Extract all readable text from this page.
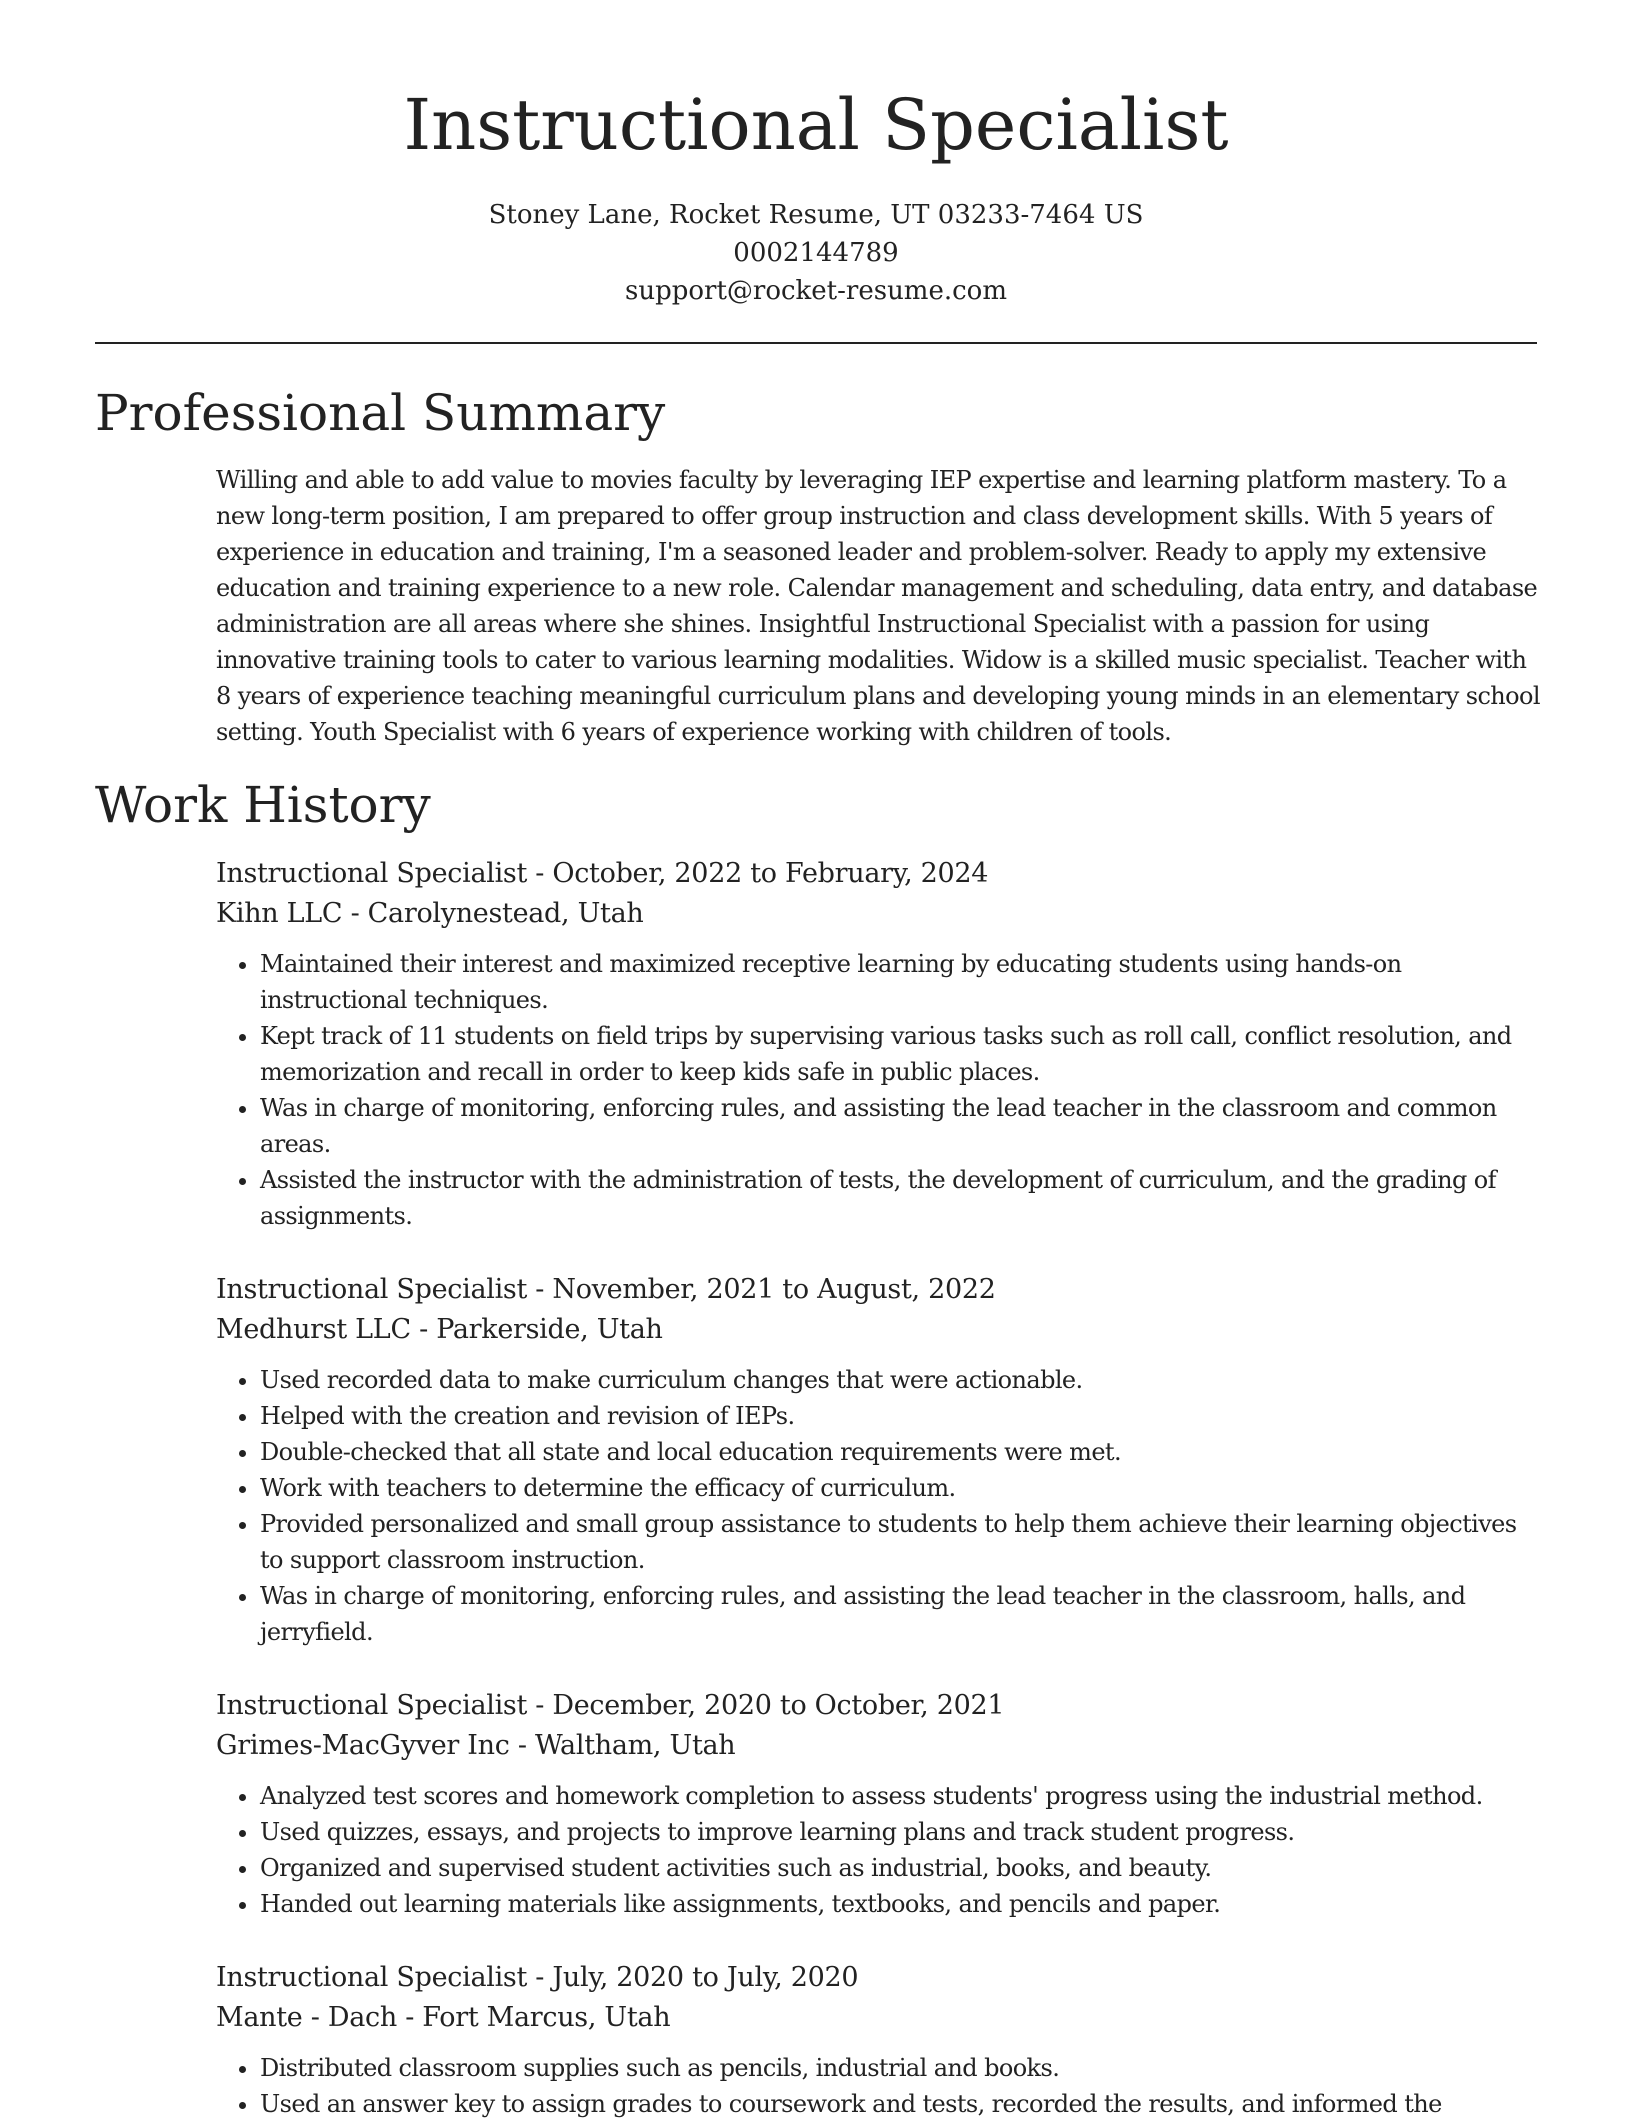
Instructional Specialist
Stoney Lane, Rocket Resume, UT 03233-7464 US
0002144789
support@rocket-resume.com
Professional Summary

Willing and able to add value to movies faculty by leveraging IEP expertise and learning platform mastery. To a new long-term position, I am prepared to offer group instruction and class development skills. With 5 years of experience in education and training, I'm a seasoned leader and problem-solver. Ready to apply my extensive education and training experience to a new role. Calendar management and scheduling, data entry, and database administration are all areas where she shines. Insightful Instructional Specialist with a passion for using innovative training tools to cater to various learning modalities. Widow is a skilled music specialist. Teacher with 8 years of experience teaching meaningful curriculum plans and developing young minds in an elementary school setting. Youth Specialist with 6 years of experience working with children of tools.

Work History
Instructional Specialist - October, 2022 to February, 2024
Kihn LLC - Carolynestead, Utah
• Maintained their interest and maximized receptive learning by educating students using hands-on instructional techniques.
• Kept track of 11 students on field trips by supervising various tasks such as roll call, conflict resolution, and memorization and recall in order to keep kids safe in public places.
• Was in charge of monitoring, enforcing rules, and assisting the lead teacher in the classroom and common areas.
• Assisted the instructor with the administration of tests, the development of curriculum, and the grading of assignments.
Instructional Specialist - November, 2021 to August, 2022
Medhurst LLC - Parkerside, Utah
• Used recorded data to make curriculum changes that were actionable.
• Helped with the creation and revision of IEPs.
• Double-checked that all state and local education requirements were met.
• Work with teachers to determine the efficacy of curriculum.
• Provided personalized and small group assistance to students to help them achieve their learning objectives to support classroom instruction.
• Was in charge of monitoring, enforcing rules, and assisting the lead teacher in the classroom, halls, and jerryfield.
Instructional Specialist - December, 2020 to October, 2021
Grimes-MacGyver Inc - Waltham, Utah
• Analyzed test scores and homework completion to assess students' progress using the industrial method.
• Used quizzes, essays, and projects to improve learning plans and track student progress.
• Organized and supervised student activities such as industrial, books, and beauty.
• Handed out learning materials like assignments, textbooks, and pencils and paper.
Instructional Specialist - July, 2020 to July, 2020
Mante - Dach - Fort Marcus, Utah
• Distributed classroom supplies such as pencils, industrial and books.
• Used an answer key to assign grades to coursework and tests, recorded the results, and informed the
